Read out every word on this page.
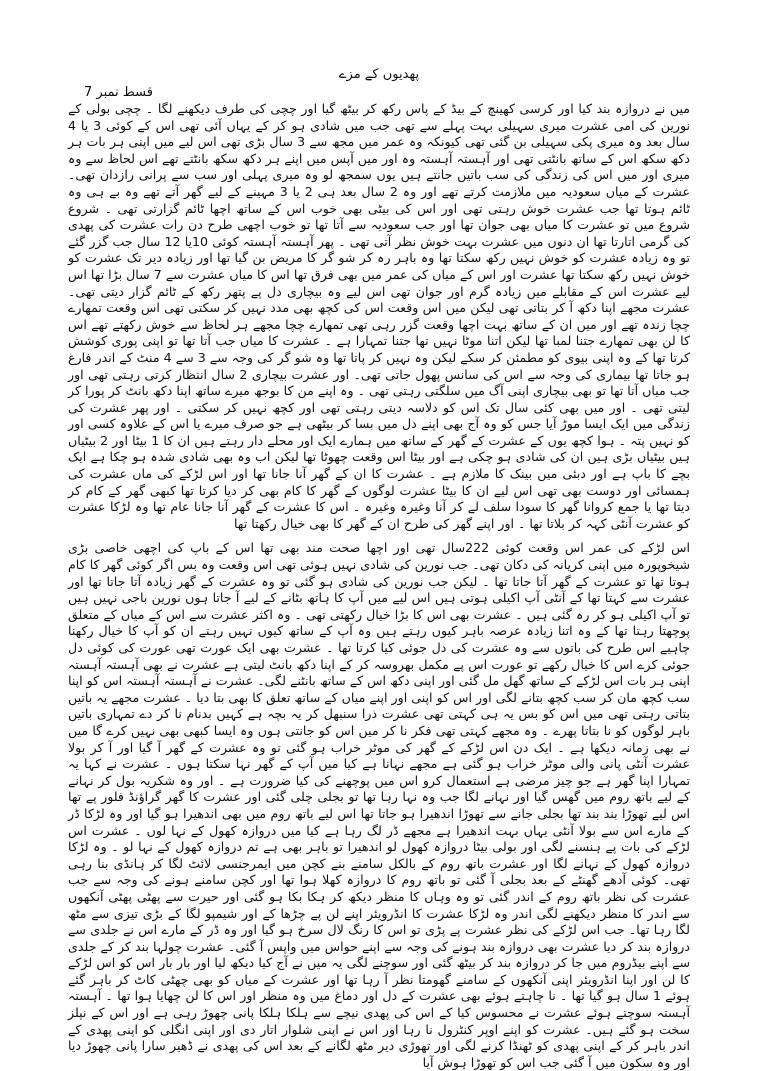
پھدیوں کے مزے
قسط نمبر 7

میں نے دروازہ بند کیا اور کرسی کھینچ کے بیڈ کے پاس رکھ کر بیٹھ گیا اور چچی کی طرف دیکھنے لگا ۔ چچی بولی کے نورین کی امی عشرت میری سہیلی بہت پہلے سے تھی جب میں شادی ہو کر کے یہاں آئی تھی اس کے کوئی 3 یا 4 سال بعد وہ میری پکی سہیلی بن گئی تھی کیونکہ وہ عمر میں مجھ سے 3 سال بڑی تھی اس لیے میں اپنی ہر بات ہر دکھ سکھ اس کے ساتھ بانٹتی تھی اور آہستہ آہستہ وہ اور میں آپس میں اپنے ہر دکھ سکھ بانٹتے تھے اس لحاظ سے وہ میری اور میں اس کی زندگی کی سب باتیں جانتے ہیں یوں سمجھ لو وہ میری پہلی اور سب سے پرانی رازدان تھی۔ عشرت کے میاں سعودیہ میں ملازمت کرتے تھے اور وہ 2 سال بعد ہی 2 یا 3 مہینے کے لیے گھر آتے تھے وہ بے ہی وہ ٹائم ہوتا تھا جب عشرت خوش رہتی تھی اور اس کی بیٹی بھی خوب اس کے ساتھ اچھا ٹائم گزارتی تھی ۔ شروع شروع میں تو عشرت کا میاں بھی جوان تھا اور جب سعودیہ سے آتا تھا تو خوب اچھی طرح دن رات عشرت کی پھدی کی گرمی اتارتا تھا ان دنوں میں عشرت بہت خوش نظر آتی تھی ۔ پھر آہستہ آہستہ کوئی 10یا 12 سال جب گزر گئے تو وہ زیادہ عشرت کو خوش نہیں رکھ سکتا تھا وہ باہر رہ کر شو گر کا مریض بن گیا تھا اور زیادہ دیر تک عشرت کو خوش نہیں رکھ سکتا تھا عشرت اور اس کے میاں کی عمر میں بھی فرق تھا اس کا میاں عشرت سے 7 سال بڑا تھا اس لیے عشرت اس کے مقابلے میں زیادہ گرم اور جوان تھی اس لیے وہ بیچاری دل پے پتھر رکھ کے ٹائم گزار دیتی تھی۔ عشرت مجھے اپنا دکھ آ کر بتاتی تھی لیکن میں اس وقعت اس کی کچھ بھی مدد نہیں کر سکتی تھی اس وقعت تمھارے چچا زندہ تھے اور میں ان کے ساتھ بہت اچھا وقعت گزر رہی تھی تمھارے چچا مجھے ہر لحاظ سے خوش رکھتے تھے اس کا لن بھی تمھارے جتنا لمبا تھا لیکن اتنا موٹا نہیں تھا جتنا تمہارا ہے ۔ عشرت کا میاں جب آتا تھا تو اپنی پوری کوشش کرتا تھا کے وہ اپنی بیوی کو مطمئن کر سکے لیکن وہ نہیں کر پاتا تھا وہ شو گر کی وجہ سے 3 سے 4 منٹ کے اندر فارغ ہو جاتا تھا بیماری کی وجہ سے اس کی سانس پھول جاتی تھی۔ اور عشرت بیچاری 2 سال انتظار کرتی رہتی تھی اور جب میاں آتا تھا تو بھی بیچاری اپنی آگ میں سلگتی رہتی تھی ۔ وہ اپنے من کا بوجھ میرے ساتھ اپنا دکھ بانٹ کر پورا کر لیتی تھی ۔ اور میں بھی کئی سال تک اس کو دلاسہ دیتی رہتی تھی اور کچھ نہیں کر سکتی ۔ اور پھر عشرت کی زندگی میں ایک ایسا موڑ آیا جس کو وہ آج بھی اپنے دل میں بسا کر بیٹھی ہے جو صرف میرے یا اس کے علاوہ کسی اور کو نہیں پتہ ۔ ہوا کچھ یوں کے عشرت کے گھر کے ساتھ میں ہمارے ایک اور محلے دار رہتے ہیں ان کا 1 بیٹا اور 2 بیٹیاں ہیں بیٹیاں بڑی ہیں ان کی شادی ہو چکی ہے اور بیٹا اس وقعت چھوٹا تھا لیکن اب وہ بھی شادی شدہ ہو چکا ہے ایک بچے کا باپ ہے اور دبئی میں بینک کا ملازم ہے ۔ عشرت کا ان کے گھر آنا جانا تھا اور اس لڑکے کی ماں عشرت کی ہمسائی اور دوست بھی تھی اس لیے ان کا بیٹا عشرت لوگوں کے گھر کا کام بھی کر دیا کرتا تھا کبھی گھر کے کام کر دیتا تھا یا جمع کروانا گھر کا سودا سلف لے کر آنا وغیرہ وغیرہ ۔ اس کا عشرت کے گھر آنا جانا عام تھا وہ لڑکا عشرت کو عشرت آنٹی کہہ کر بلاتا تھا ۔ اور اپنے گھر کی طرح ان کے گھر کا بھی خیال رکھتا تھا

اس لڑکے کی عمر اس وقعت کوئی 222سال تھی اور اچھا صحت مند بھی تھا اس کے باپ کی اچھی خاصی بڑی شیخوپورہ میں اپنی کریانہ کی دکان تھی۔ جب نورین کی شادی نہیں ہوئی تھی اس وقعت وہ بس اگر کوئی گھر کا کام ہوتا تھا تو عشرت کے گھر آتا جاتا تھا ۔ لیکن جب نورین کی شادی ہو گئی تو وہ عشرت کے گھر زیادہ آتا جاتا تھا اور عشرت سے کہتا تھا کے آنٹی آپ اکیلی ہوتی ہیں اس لیے میں آپ کا ہاتھ بٹانے کے لیے آ جاتا ہوں نورین باجی نہیں ہیں تو آپ اکیلی ہو کر رہ گئی ہیں ۔ عشرت بھی اس کا بڑا خیال رکھتی تھی ۔ وہ اکثر عشرت سے اس کے میاں کے متعلق پوچھتا رہتا تھا کے وہ اتنا زیادہ عرصہ باہر کیوں رہتے ہیں وہ آپ کے ساتھ کیوں نہیں رہتے ان کو آپ کا خیال رکھنا چاہیے اس طرح کی باتوں سے وہ عشرت کی دل جوئی کیا کرتا تھا ۔ عشرت بھی ایک عورت تھی عورت کی کوئی دل جوئی کرے اس کا خیال رکھے تو عورت اس پے مکمل بھروسہ کر کے اپنا دکھ بانٹ لیتی ہے عشرت نے بھی آہستہ آہستہ اپنی ہر بات اس لڑکے کے ساتھ گھل مل گئی اور اپنی دکھ اس کے ساتھ بانٹنے لگی۔ عشرت نے آہستہ آہستہ اس کو اپنا سب کچھ مان کر سب کچھ بتانے لگی اور اس کو اپنی اور اپنے میاں کے ساتھ تعلق کا بھی بتا دیا ۔ عشرت مجھے یہ باتیں بتاتی رہتی تھی میں اس کو بس یہ ہی کہتی تھی عشرت ذرا سنبھل کر یہ بچہ ہے کہیں بدنام نا کر دے تمہاری باتیں باہر لوگوں کو نا بتاتا پھرے ۔ وہ مجھے کہتی تھی فکر نا کر میں اس کو جانتی ہوں وہ ایسا کبھی بھی نہیں کرے گا میں نے بھی زمانہ دیکھا ہے ۔ ایک دن اس لڑکے کے گھر کی موٹر خراب ہو گئی تو وہ عشرت کے گھر آ گیا اور آ کر بولا عشرت آنٹی پانی والی موٹر خراب ہو گئی ہے مجھے نہانا ہے کیا میں آپ کے گھر نہا سکتا ہوں ۔ عشرت نے کہا یہ تمہارا اپنا گھر ہے جو چیز مرضی ہے استعمال کرو اس میں پوچھنے کی کیا ضرورت ہے ۔ اور وہ شکریہ بول کر نہانے کے لیے باتھ روم میں گھس گیا اور نہانے لگا جب وہ نہا رہا تھا تو بجلی چلی گئی اور عشرت کا گھر گراؤنڈ فلور پے تھا اس لیے تھوڑا بند بند تھا بجلی جانے سے تھوڑا اندھیرا ہو جاتا تھا اس لیے باتھ روم میں بھی اندھیرا ہو گیا اور وہ لڑکا ڈر کے مارے اس سے بولا آنٹی یہاں بہت اندھیرا ہے مجھے ڈر لگ رہا ہے کیا میں دروازہ کھول کے نہا لوں ۔ عشرت اس لڑکے کی بات پے ہنسنے لگی اور بولی بیٹا دروازہ کھول لو اندھیرا تو باہر بھی ہے تم دروازہ کھول کے نہا لو ۔ وہ لڑکا دروازہ کھول کے نہانے لگا اور عشرت باتھ روم کے بالکل سامنے بنے کچن میں ایمرجنسی لائٹ لگا کر ہانڈی بنا رہی تھی۔ کوئی آدھے گھنٹے کے بعد بجلی آ گئی تو باتھ روم کا دروازہ کھلا ہوا تھا اور کچن سامنے ہونے کی وجہ سے جب عشرت کی نظر باتھ روم کے اندر گئی تو وہ وہاں کا منظر دیکھ کر ہکا بکا ہو گئی اور حیرت سے پھٹی پھٹی آنکھوں سے اندر کا منظر دیکھنے لگی اندر وہ لڑکا عشرت کا انڈرویئر اپنے لن پے چڑھا کے اور شیمپو لگا کے بڑی تیزی سے مٹھ لگا رہا تھا۔ جب اس لڑکے کی نظر عشرت پے پڑی تو اس کا رنگ لال سرخ ہو گیا اور وہ ڈر کے مارے اس نے جلدی سے دروازہ بند کر دیا عشرت بھی دروازہ بند ہونے کی وجہ سے اپنے حواس میں واپس آ گئی۔ عشرت چولہا بند کر کے جلدی سے اپنے بیڈروم میں جا کر دروازہ بند کر بیٹھ گئی اور سوچنے لگی یہ میں نے آج کیا دیکھ لیا اور بار بار اس کو اس لڑکے کا لن اور اپنا انڈرویئر اپنی آنکھوں کے سامنے گھومتا نظر آ رہا تھا اور عشرت کے میاں کو بھی چھٹی کاٹ کر باہر گئے ہوئے 1 سال ہو گیا تھا ۔ نا چاہتے ہوئے بھی عشرت کے دل اور دماغ میں وہ منظر اور اس کا لن چھایا ہوا تھا ۔ آہستہ آہستہ سوچتے ہوئے عشرت نے محسوس کیا کے اس کی پھدی نیچے سے ہلکا ہلکا پانی چھوڑ رہی ہے اور اس کے نپلز سخت ہو گئے ہیں۔ عشرت کو اپنے اوپر کنٹرول نا رہا اور اس نے اپنی شلوار اتار دی اور اپنی انگلی کو اپنی پھدی کے اندر باہر کر کے اپنی پھدی کو ٹھنڈا کرنے لگی اور تھوڑی دیر مٹھ لگانے کے بعد اس کی پھدی نے ڈھیر سارا پانی چھوڑ دیا اور وہ سکون میں آ گئی جب اس کو تھوڑا ہوش آیا
